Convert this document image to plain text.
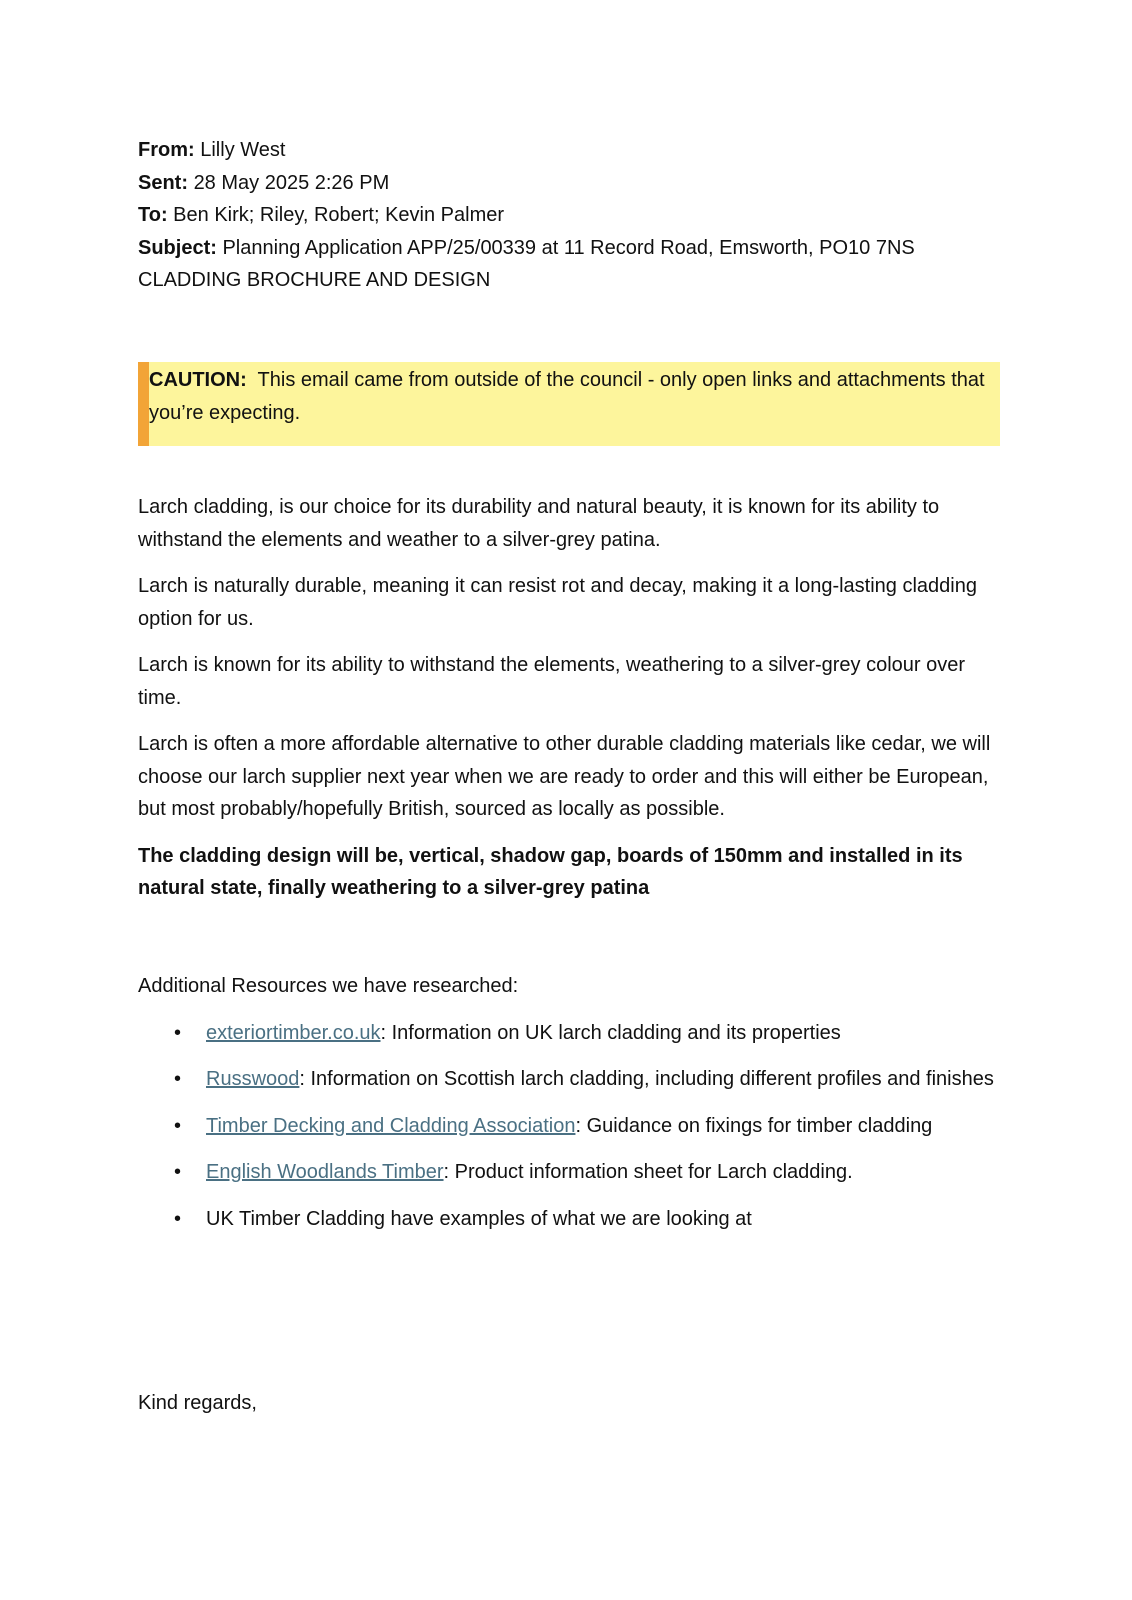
From: Lilly West
Sent: 28 May 2025 2:26 PM
To: Ben Kirk; Riley, Robert; Kevin Palmer
Subject: Planning Application APP/25/00339 at 11 Record Road, Emsworth, PO10 7NS
CLADDING BROCHURE AND DESIGN
CAUTION: This email came from outside of the council - only open links and attachments that you’re expecting.

Larch cladding, is our choice for its durability and natural beauty, it is known for its ability to withstand the elements and weather to a silver-grey patina.

Larch is naturally durable, meaning it can resist rot and decay, making it a long-lasting cladding option for us.

Larch is known for its ability to withstand the elements, weathering to a silver-grey colour over time.

Larch is often a more affordable alternative to other durable cladding materials like cedar, we will choose our larch supplier next year when we are ready to order and this will either be European, but most probably/hopefully British, sourced as locally as possible.

The cladding design will be, vertical, shadow gap, boards of 150mm and installed in its natural state, finally weathering to a silver-grey patina

Additional Resources we have researched:

• exteriortimber.co.uk: Information on UK larch cladding and its properties
• Russwood: Information on Scottish larch cladding, including different profiles and finishes
• Timber Decking and Cladding Association: Guidance on fixings for timber cladding
• English Woodlands Timber: Product information sheet for Larch cladding.
• UK Timber Cladding have examples of what we are looking at
Kind regards,
